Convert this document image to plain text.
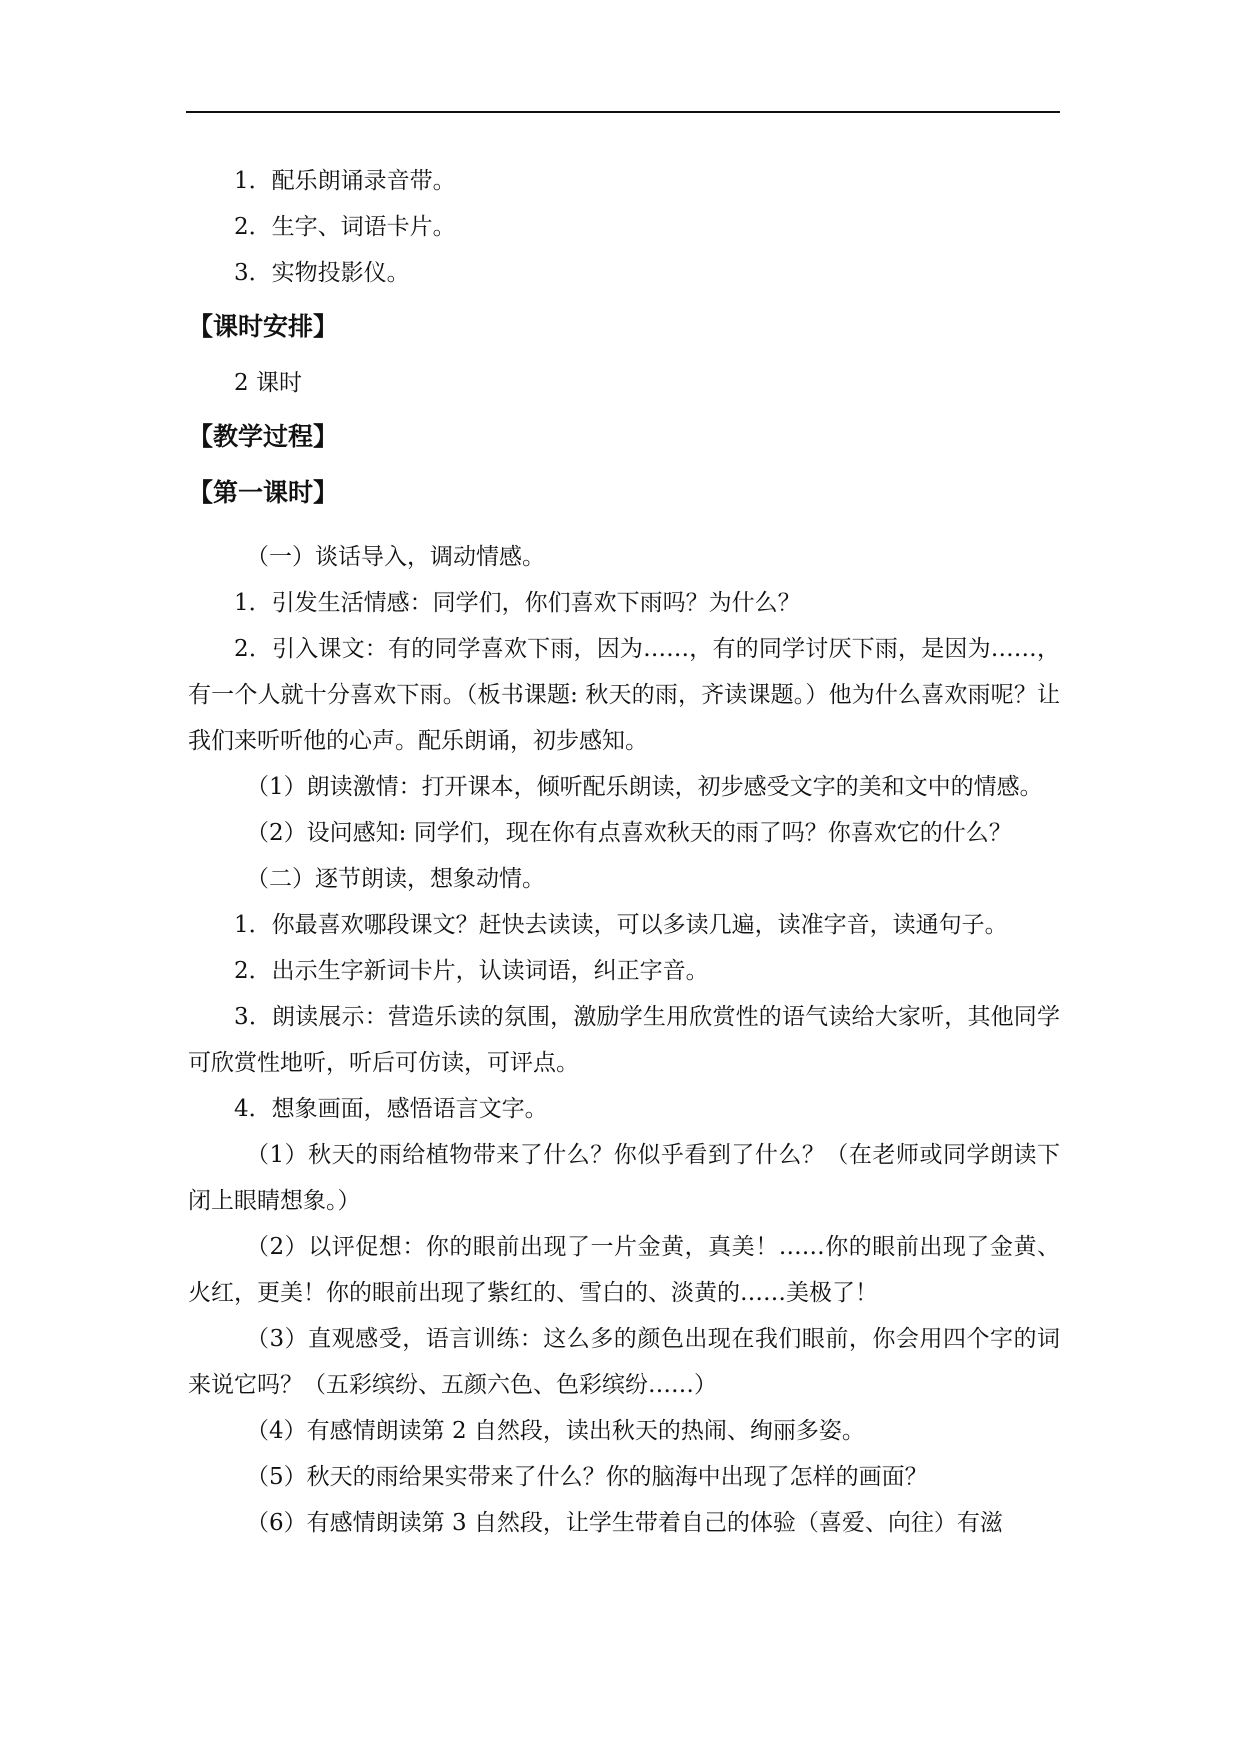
1．配乐朗诵录音带。

2．生字、词语卡片。

3．实物投影仪。

【课时安排】

2 课时

【教学过程】
【第一课时】

（一）谈话导入，调动情感。

1．引发生活情感：同学们，你们喜欢下雨吗？为什么？

2．引入课文：有的同学喜欢下雨，因为……，有的同学讨厌下雨，是因为……，有一个人就十分喜欢下雨。（板书课题: 秋天的雨，齐读课题。）他为什么喜欢雨呢？让我们来听听他的心声。配乐朗诵，初步感知。

（1）朗读激情：打开课本，倾听配乐朗读，初步感受文字的美和文中的情感。

（2）设问感知: 同学们，现在你有点喜欢秋天的雨了吗？你喜欢它的什么？

（二）逐节朗读，想象动情。

1．你最喜欢哪段课文？赶快去读读，可以多读几遍，读准字音，读通句子。

2．出示生字新词卡片，认读词语，纠正字音。

3．朗读展示：营造乐读的氛围，激励学生用欣赏性的语气读给大家听，其他同学可欣赏性地听，听后可仿读，可评点。

4．想象画面，感悟语言文字。

（1）秋天的雨给植物带来了什么？你似乎看到了什么？（在老师或同学朗读下闭上眼睛想象。）

（2）以评促想：你的眼前出现了一片金黄，真美！……你的眼前出现了金黄、火红，更美！你的眼前出现了紫红的、雪白的、淡黄的……美极了！

（3）直观感受，语言训练：这么多的颜色出现在我们眼前，你会用四个字的词来说它吗？（五彩缤纷、五颜六色、色彩缤纷……）

（4）有感情朗读第 2 自然段，读出秋天的热闹、绚丽多姿。

（5）秋天的雨给果实带来了什么？你的脑海中出现了怎样的画面？

（6）有感情朗读第 3 自然段，让学生带着自己的体验（喜爱、向往）有滋
